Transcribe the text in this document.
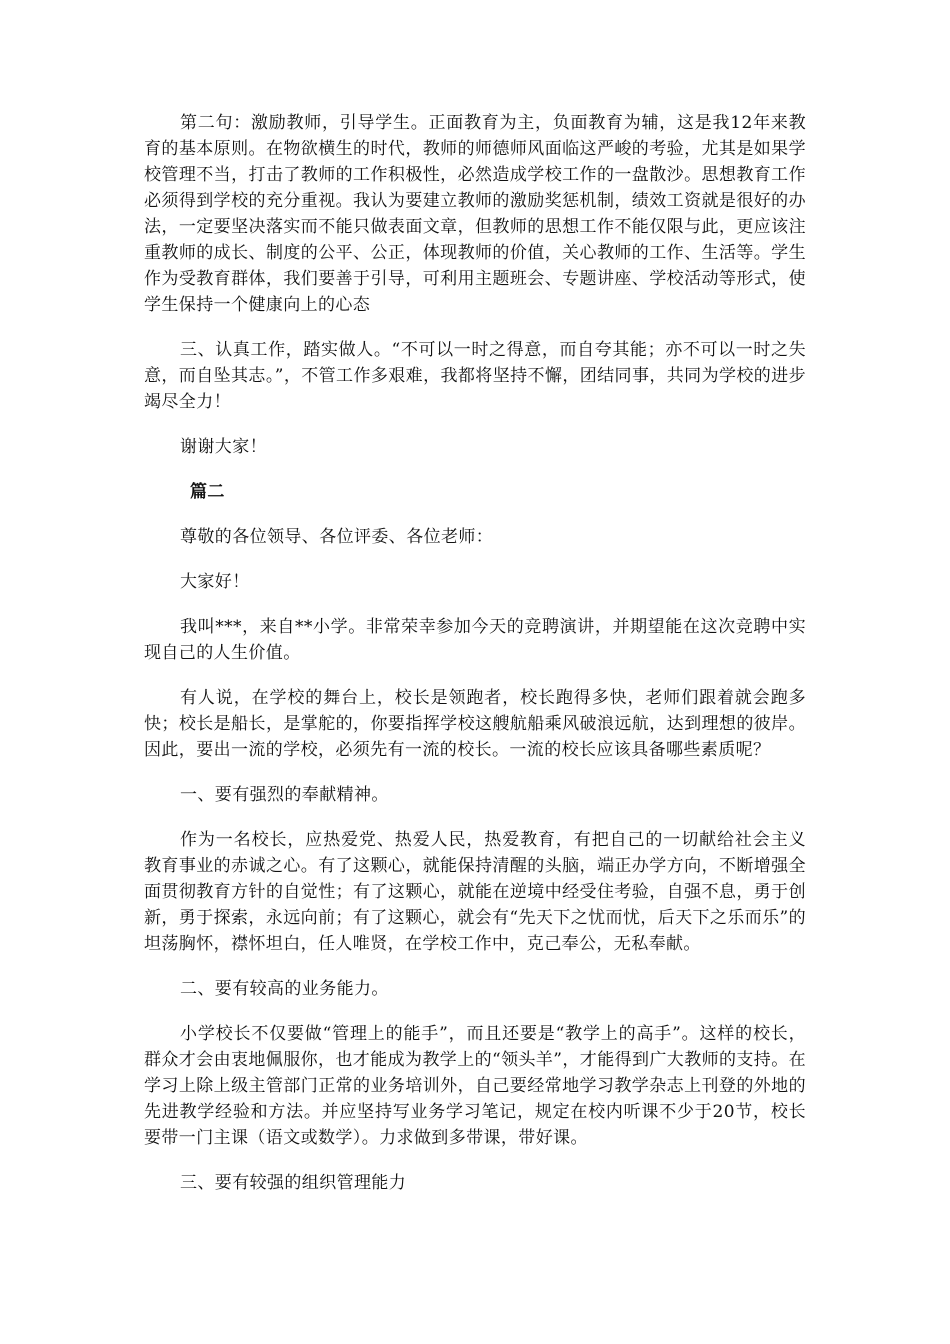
第二句：激励教师，引导学生。正面教育为主，负面教育为辅，这是我12年来教育的基本原则。在物欲横生的时代，教师的师德师风面临这严峻的考验，尤其是如果学校管理不当，打击了教师的工作积极性，必然造成学校工作的一盘散沙。思想教育工作必须得到学校的充分重视。我认为要建立教师的激励奖惩机制，绩效工资就是很好的办法，一定要坚决落实而不能只做表面文章，但教师的思想工作不能仅限与此，更应该注重教师的成长、制度的公平、公正，体现教师的价值，关心教师的工作、生活等。学生作为受教育群体，我们要善于引导，可利用主题班会、专题讲座、学校活动等形式，使学生保持一个健康向上的心态

三、认真工作，踏实做人。“不可以一时之得意，而自夸其能；亦不可以一时之失意，而自坠其志。”，不管工作多艰难，我都将坚持不懈，团结同事，共同为学校的进步竭尽全力！

谢谢大家！

篇二

尊敬的各位领导、各位评委、各位老师：

大家好！

我叫***，来自**小学。非常荣幸参加今天的竞聘演讲，并期望能在这次竞聘中实现自己的人生价值。

有人说，在学校的舞台上，校长是领跑者，校长跑得多快，老师们跟着就会跑多快；校长是船长，是掌舵的，你要指挥学校这艘航船乘风破浪远航，达到理想的彼岸。因此，要出一流的学校，必须先有一流的校长。一流的校长应该具备哪些素质呢？

一、要有强烈的奉献精神。

作为一名校长，应热爱党、热爱人民，热爱教育，有把自己的一切献给社会主义教育事业的赤诚之心。有了这颗心，就能保持清醒的头脑，端正办学方向，不断增强全面贯彻教育方针的自觉性；有了这颗心，就能在逆境中经受住考验，自强不息，勇于创新，勇于探索，永远向前；有了这颗心，就会有“先天下之忧而忧，后天下之乐而乐”的坦荡胸怀，襟怀坦白，任人唯贤，在学校工作中，克己奉公，无私奉献。

二、要有较高的业务能力。

小学校长不仅要做“管理上的能手”，而且还要是“教学上的高手”。这样的校长，群众才会由衷地佩服你，也才能成为教学上的“领头羊”，才能得到广大教师的支持。在学习上除上级主管部门正常的业务培训外，自己要经常地学习教学杂志上刊登的外地的先进教学经验和方法。并应坚持写业务学习笔记，规定在校内听课不少于20节，校长要带一门主课（语文或数学）。力求做到多带课，带好课。

三、要有较强的组织管理能力
